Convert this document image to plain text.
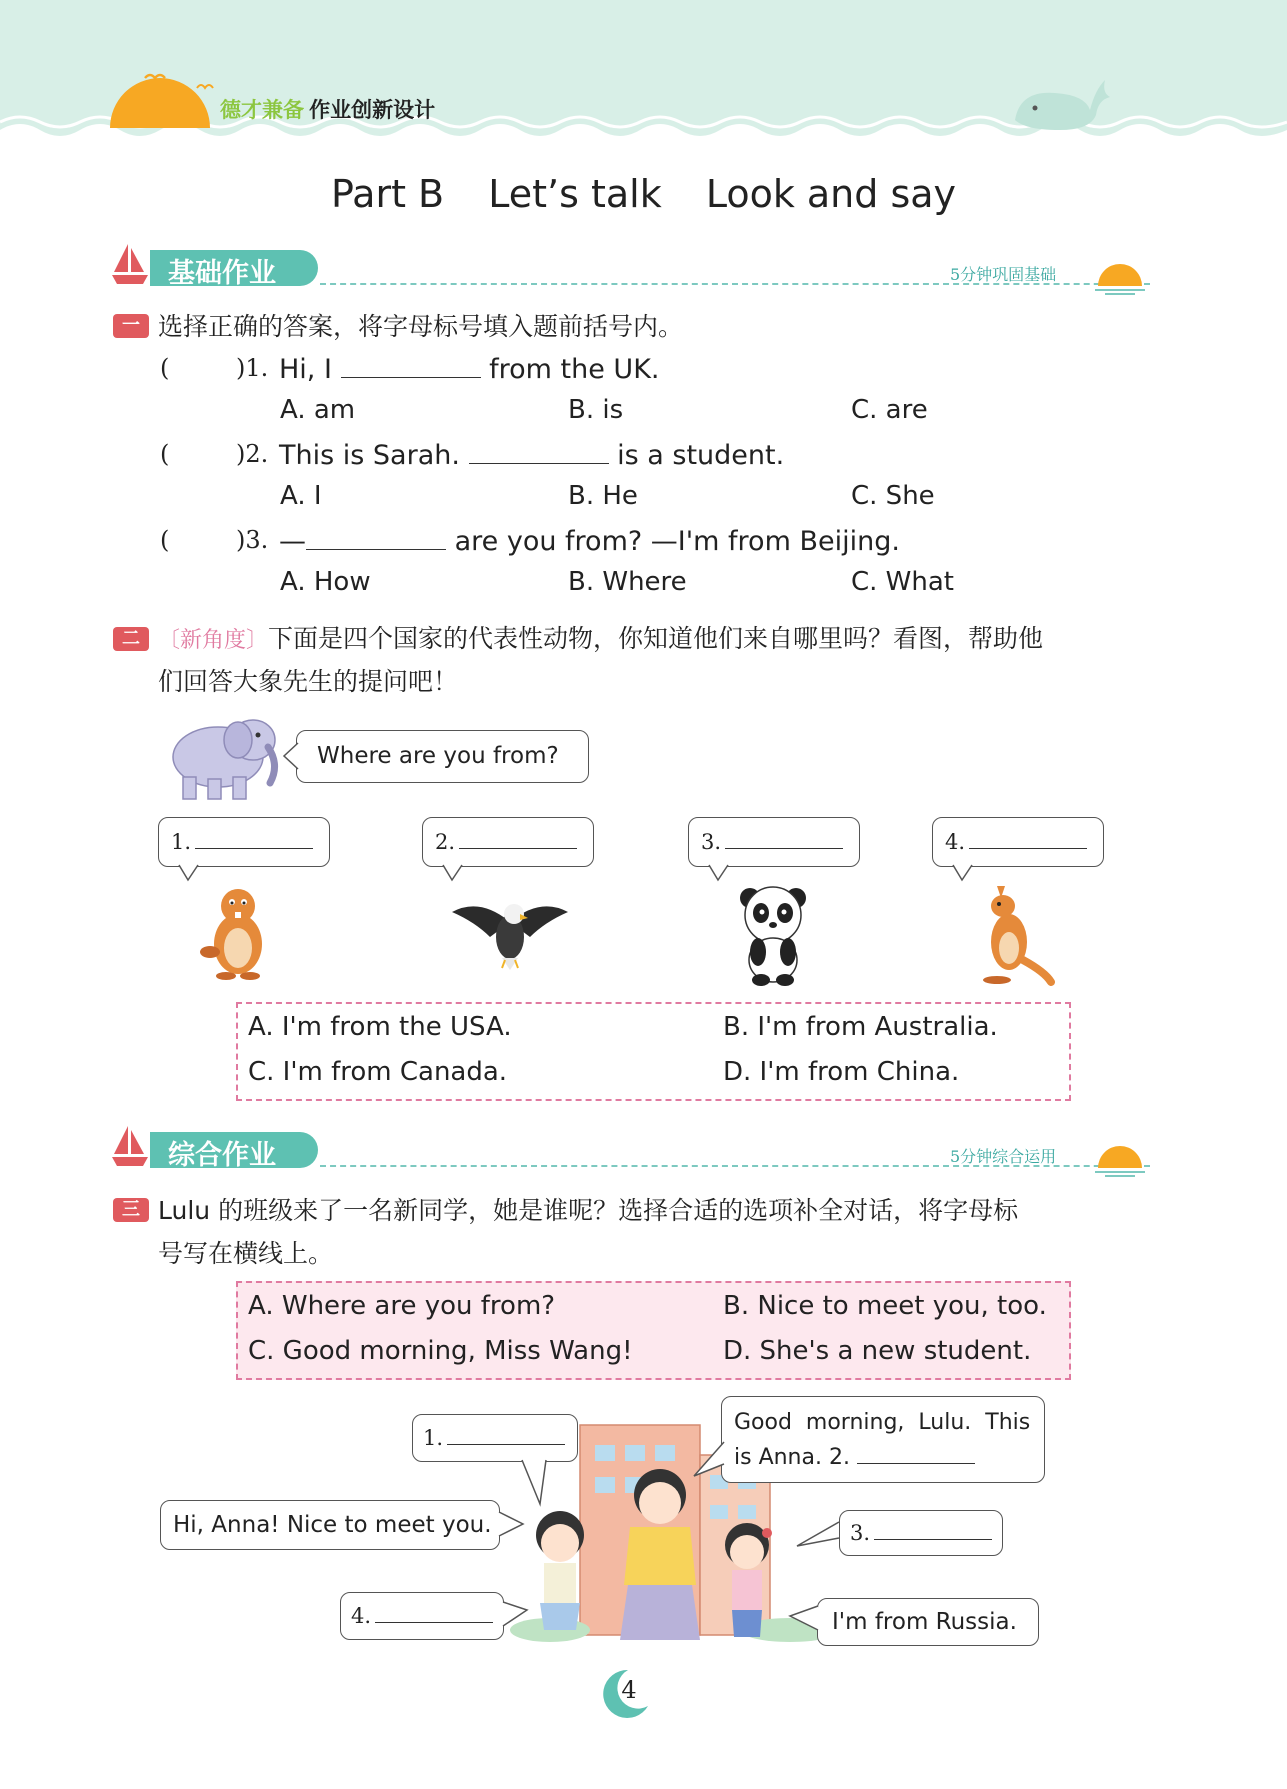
德才兼备 作业创新设计
Part B Let’s talk Look and say
基础作业	5分钟巩固基础
一 选择正确的答案，将字母标号填入题前括号内。
(	)1. Hi, I	from the UK.
A. am	B. is	C. are
(	)2. This is Sarah.	is a student.
A. I	B. He	C. She
(	)3. —	are you from? —I'm from Beijing.
A. How	B. Where	C. What
二 〔新角度〕下面是四个国家的代表性动物，你知道他们来自哪里吗？看图，帮助他
们回答大象先生的提问吧！
Where are you from?
1.	2.	3.	4.
A. I'm from the USA.	B. I'm from Australia.
C. I'm from Canada.	D. I'm from China.
综合作业	5分钟综合运用
三 Lulu 的班级来了一名新同学，她是谁呢？选择合适的选项补全对话，将字母标
号写在横线上。
A. Where are you from?	B. Nice to meet you, too.
C. Good morning, Miss Wang!	D. She's a new student.
1.
Good  morning,  Lulu.  This
is Anna. 2.
Hi, Anna! Nice to meet you.	3.
4.	I'm from Russia.
4
